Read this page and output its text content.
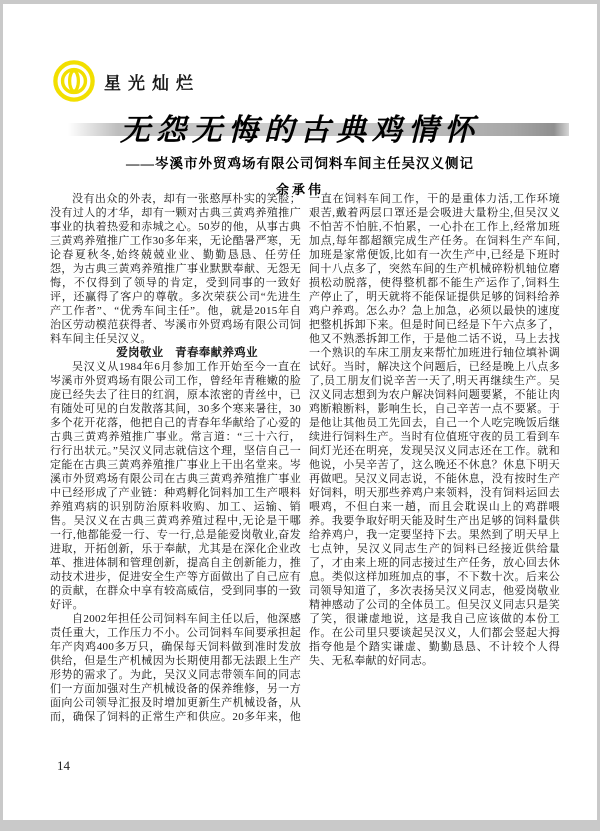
星光灿烂
无怨无悔的古典鸡情怀
——岑溪市外贸鸡场有限公司饲料车间主任吴汉义侧记
余承伟

没有出众的外表，却有一张憨厚朴实的笑脸；没有过人的才华，却有一颗对古典三黄鸡养殖推广事业的执着热爱和赤城之心。50岁的他，从事古典三黄鸡养殖推广工作30多年来，无论酷暑严寒，无论春夏秋冬,始终兢兢业业、勤勤恳恳、任劳任怨，为古典三黄鸡养殖推广事业默默奉献、无怨无悔，不仅得到了领导的肯定，受到同事的一致好评，还赢得了客户的尊敬。多次荣获公司“先进生产工作者”、“优秀车间主任”。他，就是2015年自治区劳动模范获得者、岑溪市外贸鸡场有限公司饲料车间主任吴汉义。

爱岗敬业　青春奉献养鸡业

吴汉义从1984年6月参加工作开始至今一直在岑溪市外贸鸡场有限公司工作，曾经年青稚嫩的脸庞已经失去了往日的红润，原本浓密的青丝中，已有随处可见的白发散落其间，30多个寒来暑往，30多个花开花落，他把自己的青春年华献给了心爱的古典三黄鸡养殖推广事业。常言道：“三十六行，行行出状元。”吴汉义同志就信这个理，坚信自己一定能在古典三黄鸡养殖推广事业上干出名堂来。岑溪市外贸鸡场有限公司在古典三黄鸡养殖推广事业中已经形成了产业链：种鸡孵化饲料加工生产喂料养殖鸡病的识别防治原料收购、加工、运输、销售。吴汉义在古典三黄鸡养殖过程中,无论是干哪一行,他都能爱一行、专一行,总是能爱岗敬业,奋发进取，开拓创新，乐于奉献，尤其是在深化企业改革、推进体制和管理创新，提高自主创新能力，推动技术进步，促进安全生产等方面做出了自己应有的贡献，在群众中享有较高威信，受到同事的一致好评。

自2002年担任公司饲料车间主任以后，他深感责任重大，工作压力不小。公司饲料车间要承担起年产肉鸡400多万只，确保每天饲料做到准时发放供给，但是生产机械因为长期使用都无法跟上生产形势的需求了。为此，吴汉义同志带领车间的同志们一方面加强对生产机械设备的保养维修，另一方面向公司领导汇报及时增加更新生产机械设备，从而，确保了饲料的正常生产和供应。20多年来，他一直在饲料车间工作，干的是重体力活,工作环境艰苦,戴着两层口罩还是会吸进大量粉尘,但吴汉义不怕苦不怕脏,不怕累，一心扑在工作上,经常加班加点,每年都超额完成生产任务。在饲料生产车间,加班是家常便饭,比如有一次生产中,已经是下班时间十八点多了，突然车间的生产机械碎粉机轴位磨损松动脱落，使得整机都不能生产运作了,饲料生产停止了，明天就将不能保证提供足够的饲料给养鸡户养鸡。怎么办？急上加急，必须以最快的速度把整机拆卸下来。但是时间已经是下午六点多了，他又不熟悉拆卸工作，于是他二话不说，马上去找一个熟识的车床工朋友来帮忙加班进行轴位填补调试好。当时，解决这个问题后，已经是晚上八点多了,员工朋友们说辛苦一天了,明天再继续生产。吴汉义同志想到为农户解决饲料问题要紧，不能让肉鸡断粮断料，影响生长，自己辛苦一点不要紧。于是他让其他员工先回去，自己一个人吃完晚饭后继续进行饲料生产。当时有位值班守夜的员工看到车间灯光还在明亮，发现吴汉义同志还在工作。就和他说，小吴辛苦了，这么晚还不休息？休息下明天再做吧。吴汉义同志说，不能休息，没有按时生产好饲料，明天那些养鸡户来领料，没有饲料运回去喂鸡，不但白来一趟，而且会耽误山上的鸡群喂养。我要争取好明天能及时生产出足够的饲料量供给养鸡户，我一定要坚持下去。果然到了明天早上七点钟，吴汉义同志生产的饲料已经接近供给量了，才由来上班的同志接过生产任务，放心回去休息。类似这样加班加点的事，不下数十次。后来公司领导知道了，多次表扬吴汉义同志，他爱岗敬业精神感动了公司的全体员工。但吴汉义同志只是笑了笑，很谦虚地说，这是我自己应该做的本份工作。在公司里只要谈起吴汉义，人们都会竖起大拇指夸他是个踏实谦虚、勤勤恳恳、不计较个人得失、无私奉献的好同志。

14
